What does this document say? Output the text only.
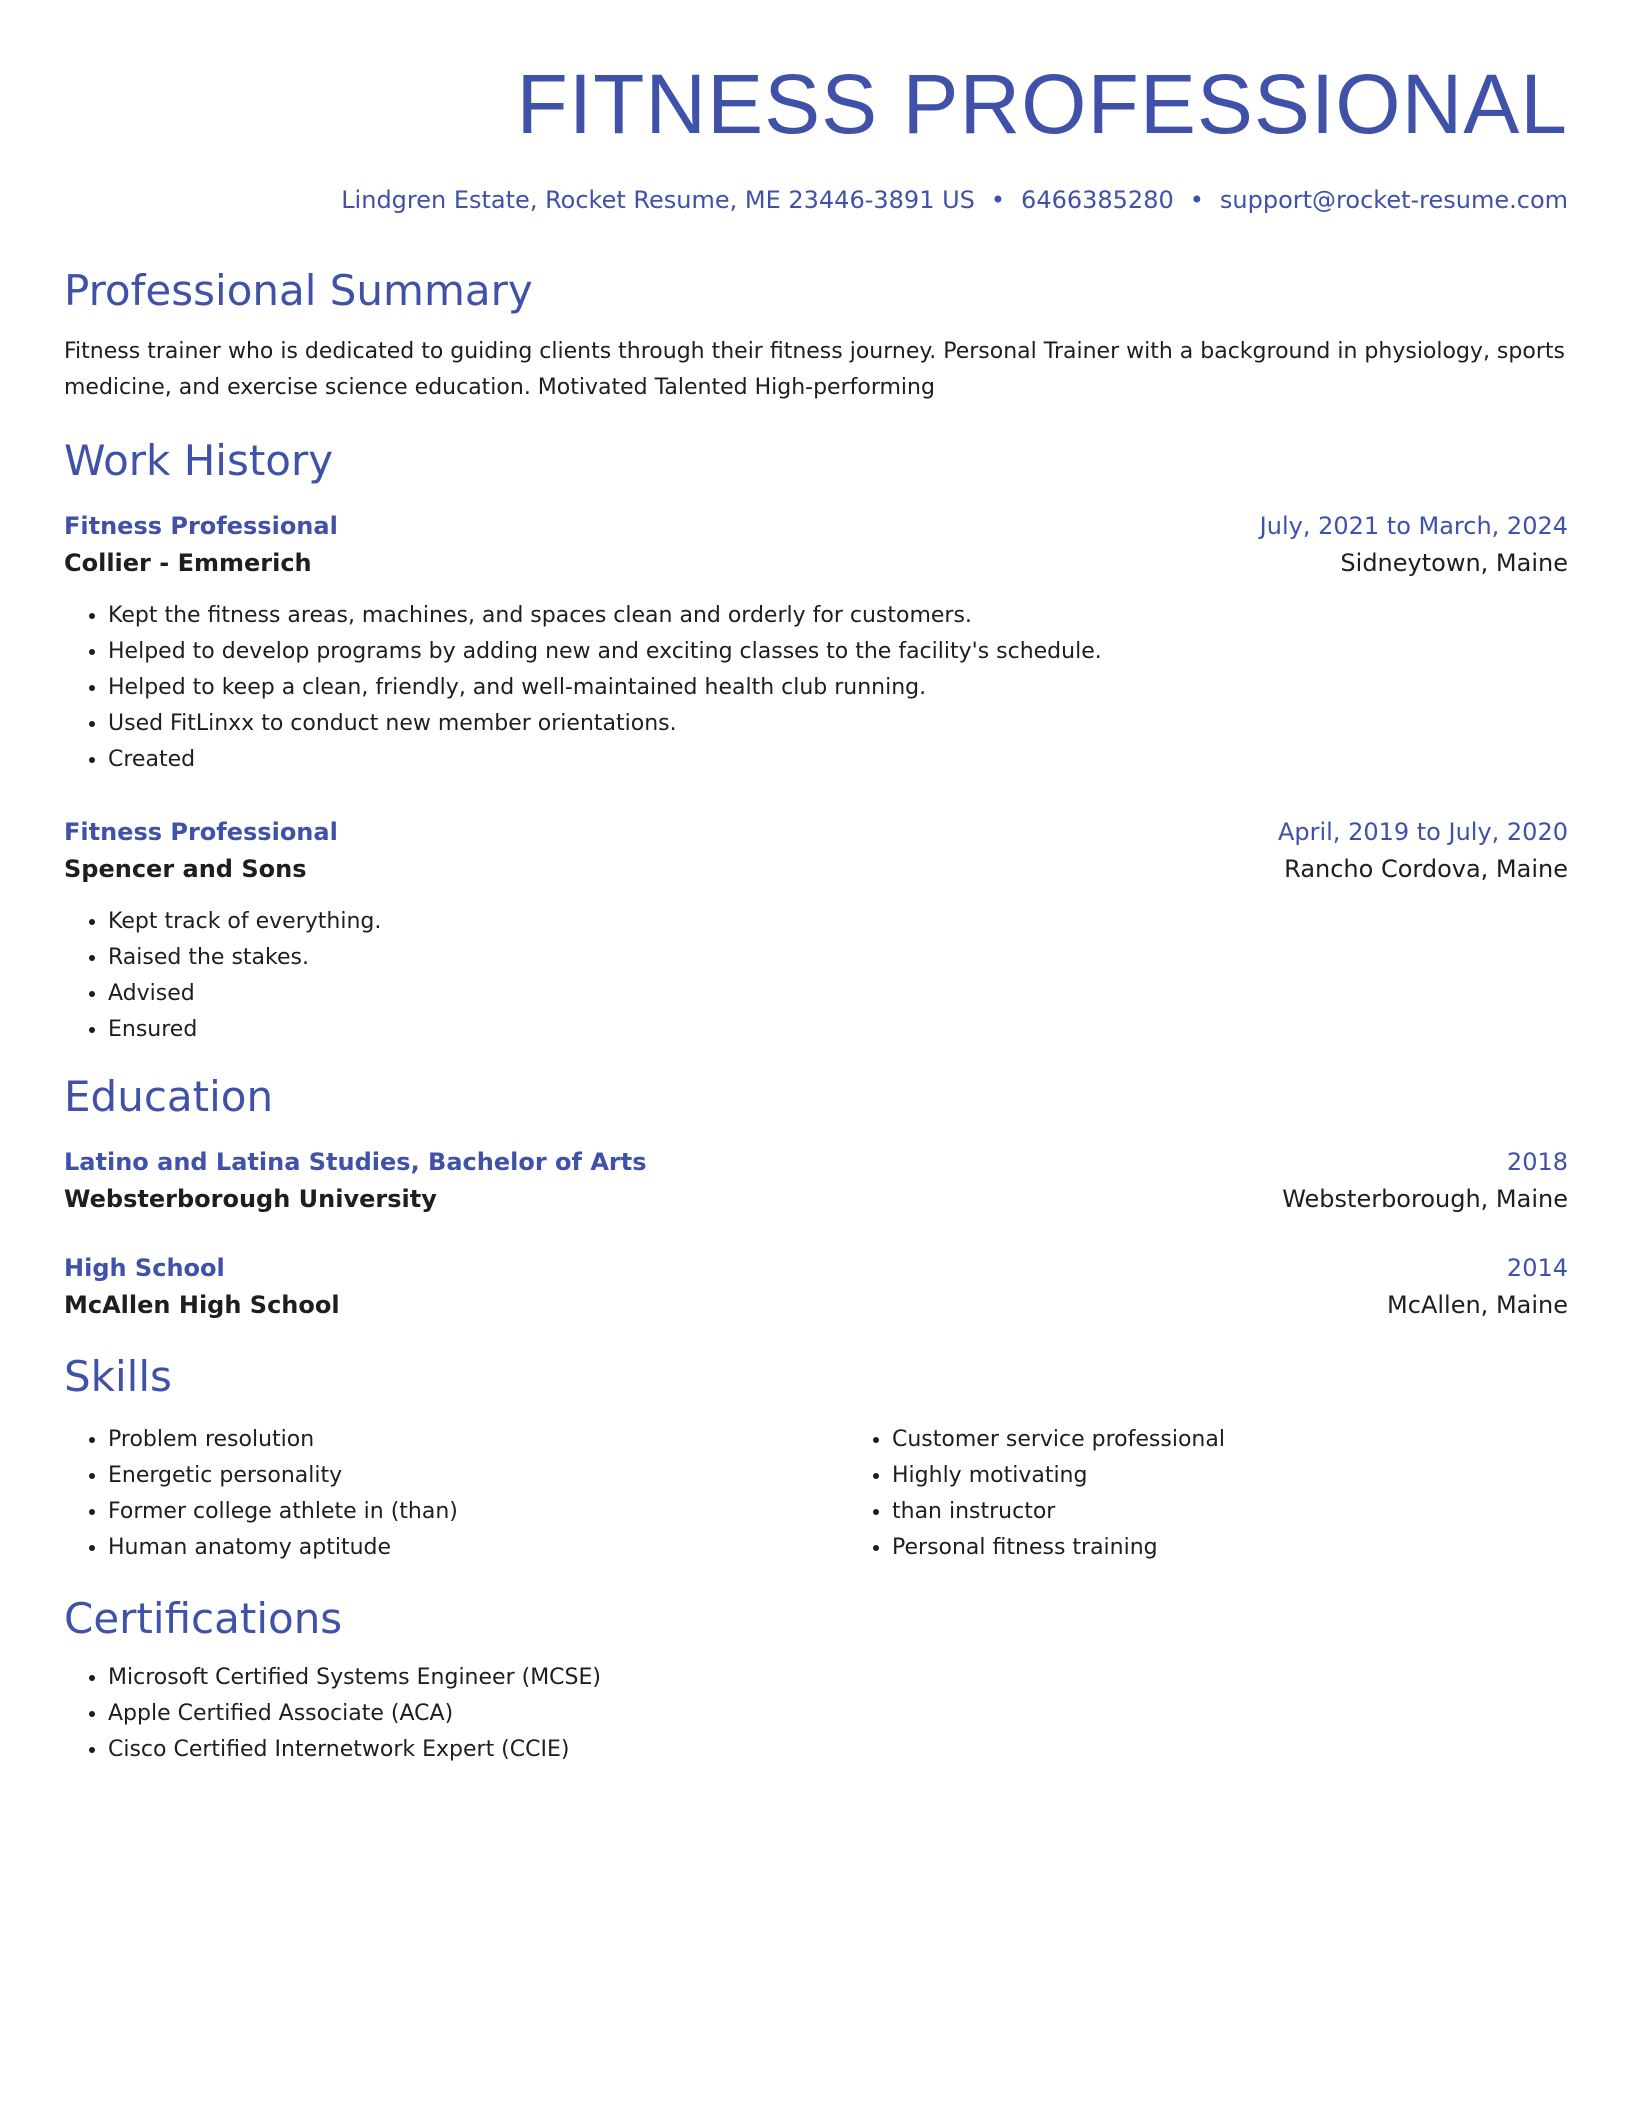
FITNESS PROFESSIONAL
Lindgren Estate, Rocket Resume, ME 23446-3891 US • 6466385280 • support@rocket-resume.com
Professional Summary
Fitness trainer who is dedicated to guiding clients through their fitness journey. Personal Trainer with a background in physiology, sports medicine, and exercise science education. Motivated Talented High-performing
Work History
Fitness Professional	July, 2021 to March, 2024
Collier - Emmerich	Sidneytown, Maine
• Kept the fitness areas, machines, and spaces clean and orderly for customers.
• Helped to develop programs by adding new and exciting classes to the facility's schedule.
• Helped to keep a clean, friendly, and well-maintained health club running.
• Used FitLinxx to conduct new member orientations.
• Created
Fitness Professional	April, 2019 to July, 2020
Spencer and Sons	Rancho Cordova, Maine
• Kept track of everything.
• Raised the stakes.
• Advised
• Ensured
Education
Latino and Latina Studies, Bachelor of Arts	2018
Websterborough University	Websterborough, Maine
High School	2014
McAllen High School	McAllen, Maine
Skills
• Problem resolution
• Energetic personality
• Former college athlete in (than)
• Human anatomy aptitude
• Customer service professional
• Highly motivating
• than instructor
• Personal fitness training
Certifications
• Microsoft Certified Systems Engineer (MCSE)
• Apple Certified Associate (ACA)
• Cisco Certified Internetwork Expert (CCIE)
